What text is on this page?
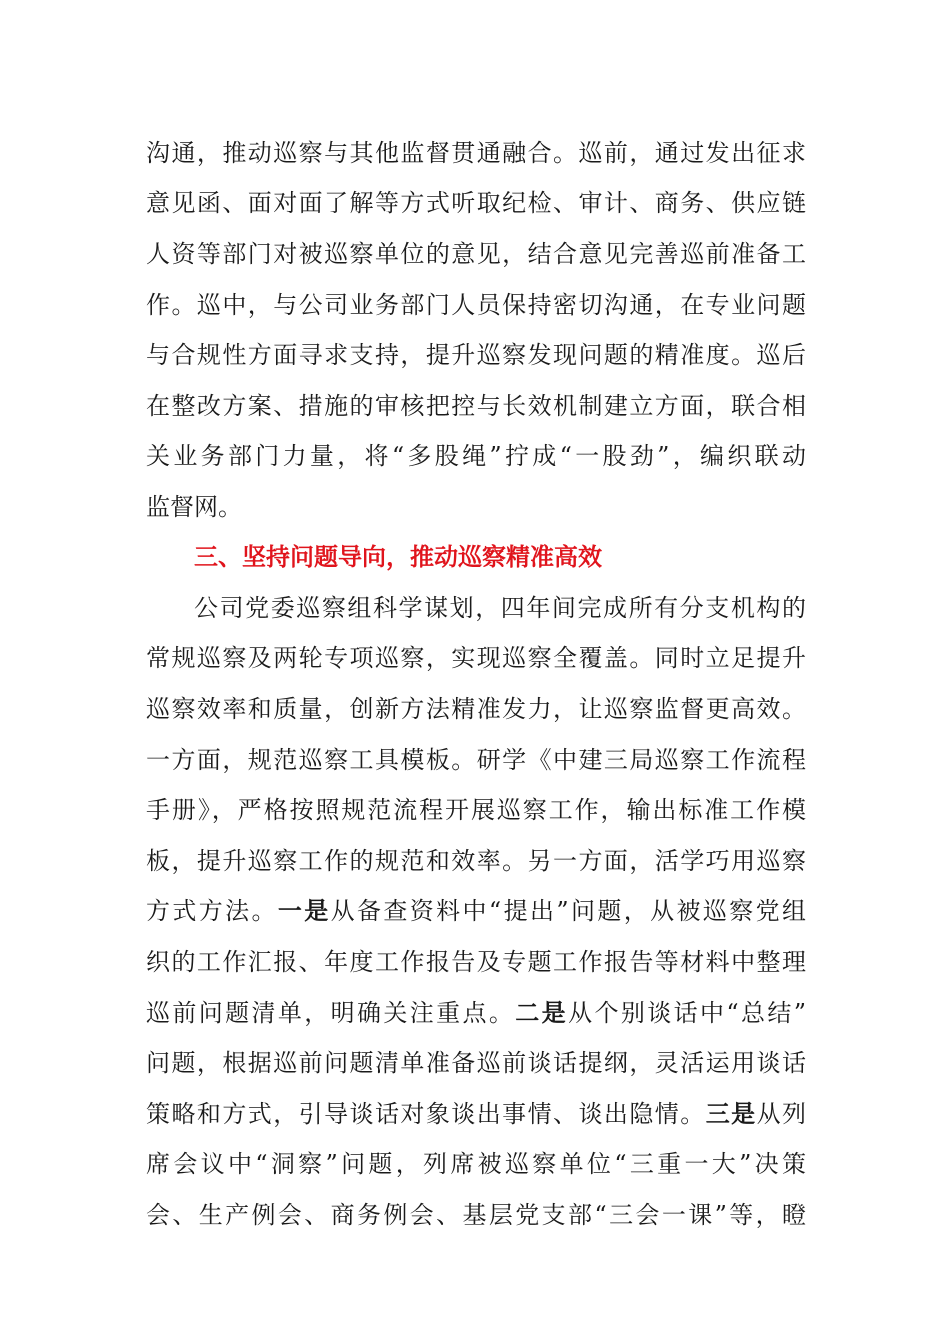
沟通，推动巡察与其他监督贯通融合。巡前，通过发出征求
意见函、面对面了解等方式听取纪检、审计、商务、供应链
人资等部门对被巡察单位的意见，结合意见完善巡前准备工
作。巡中，与公司业务部门人员保持密切沟通，在专业问题
与合规性方面寻求支持，提升巡察发现问题的精准度。巡后
在整改方案、措施的审核把控与长效机制建立方面，联合相
关业务部门力量，将“多股绳”拧成“一股劲”，编织联动
监督网。
三、坚持问题导向，推动巡察精准高效
公司党委巡察组科学谋划，四年间完成所有分支机构的
常规巡察及两轮专项巡察，实现巡察全覆盖。同时立足提升
巡察效率和质量，创新方法精准发力，让巡察监督更高效。
一方面，规范巡察工具模板。研学《中建三局巡察工作流程
手册》，严格按照规范流程开展巡察工作，输出标准工作模
板，提升巡察工作的规范和效率。另一方面，活学巧用巡察
方式方法。一是从备查资料中“提出”问题，从被巡察党组
织的工作汇报、年度工作报告及专题工作报告等材料中整理
巡前问题清单，明确关注重点。二是从个别谈话中“总结”
问题，根据巡前问题清单准备巡前谈话提纲，灵活运用谈话
策略和方式，引导谈话对象谈出事情、谈出隐情。三是从列
席会议中“洞察”问题，列席被巡察单位“三重一大”决策
会、生产例会、商务例会、基层党支部“三会一课”等，瞪
